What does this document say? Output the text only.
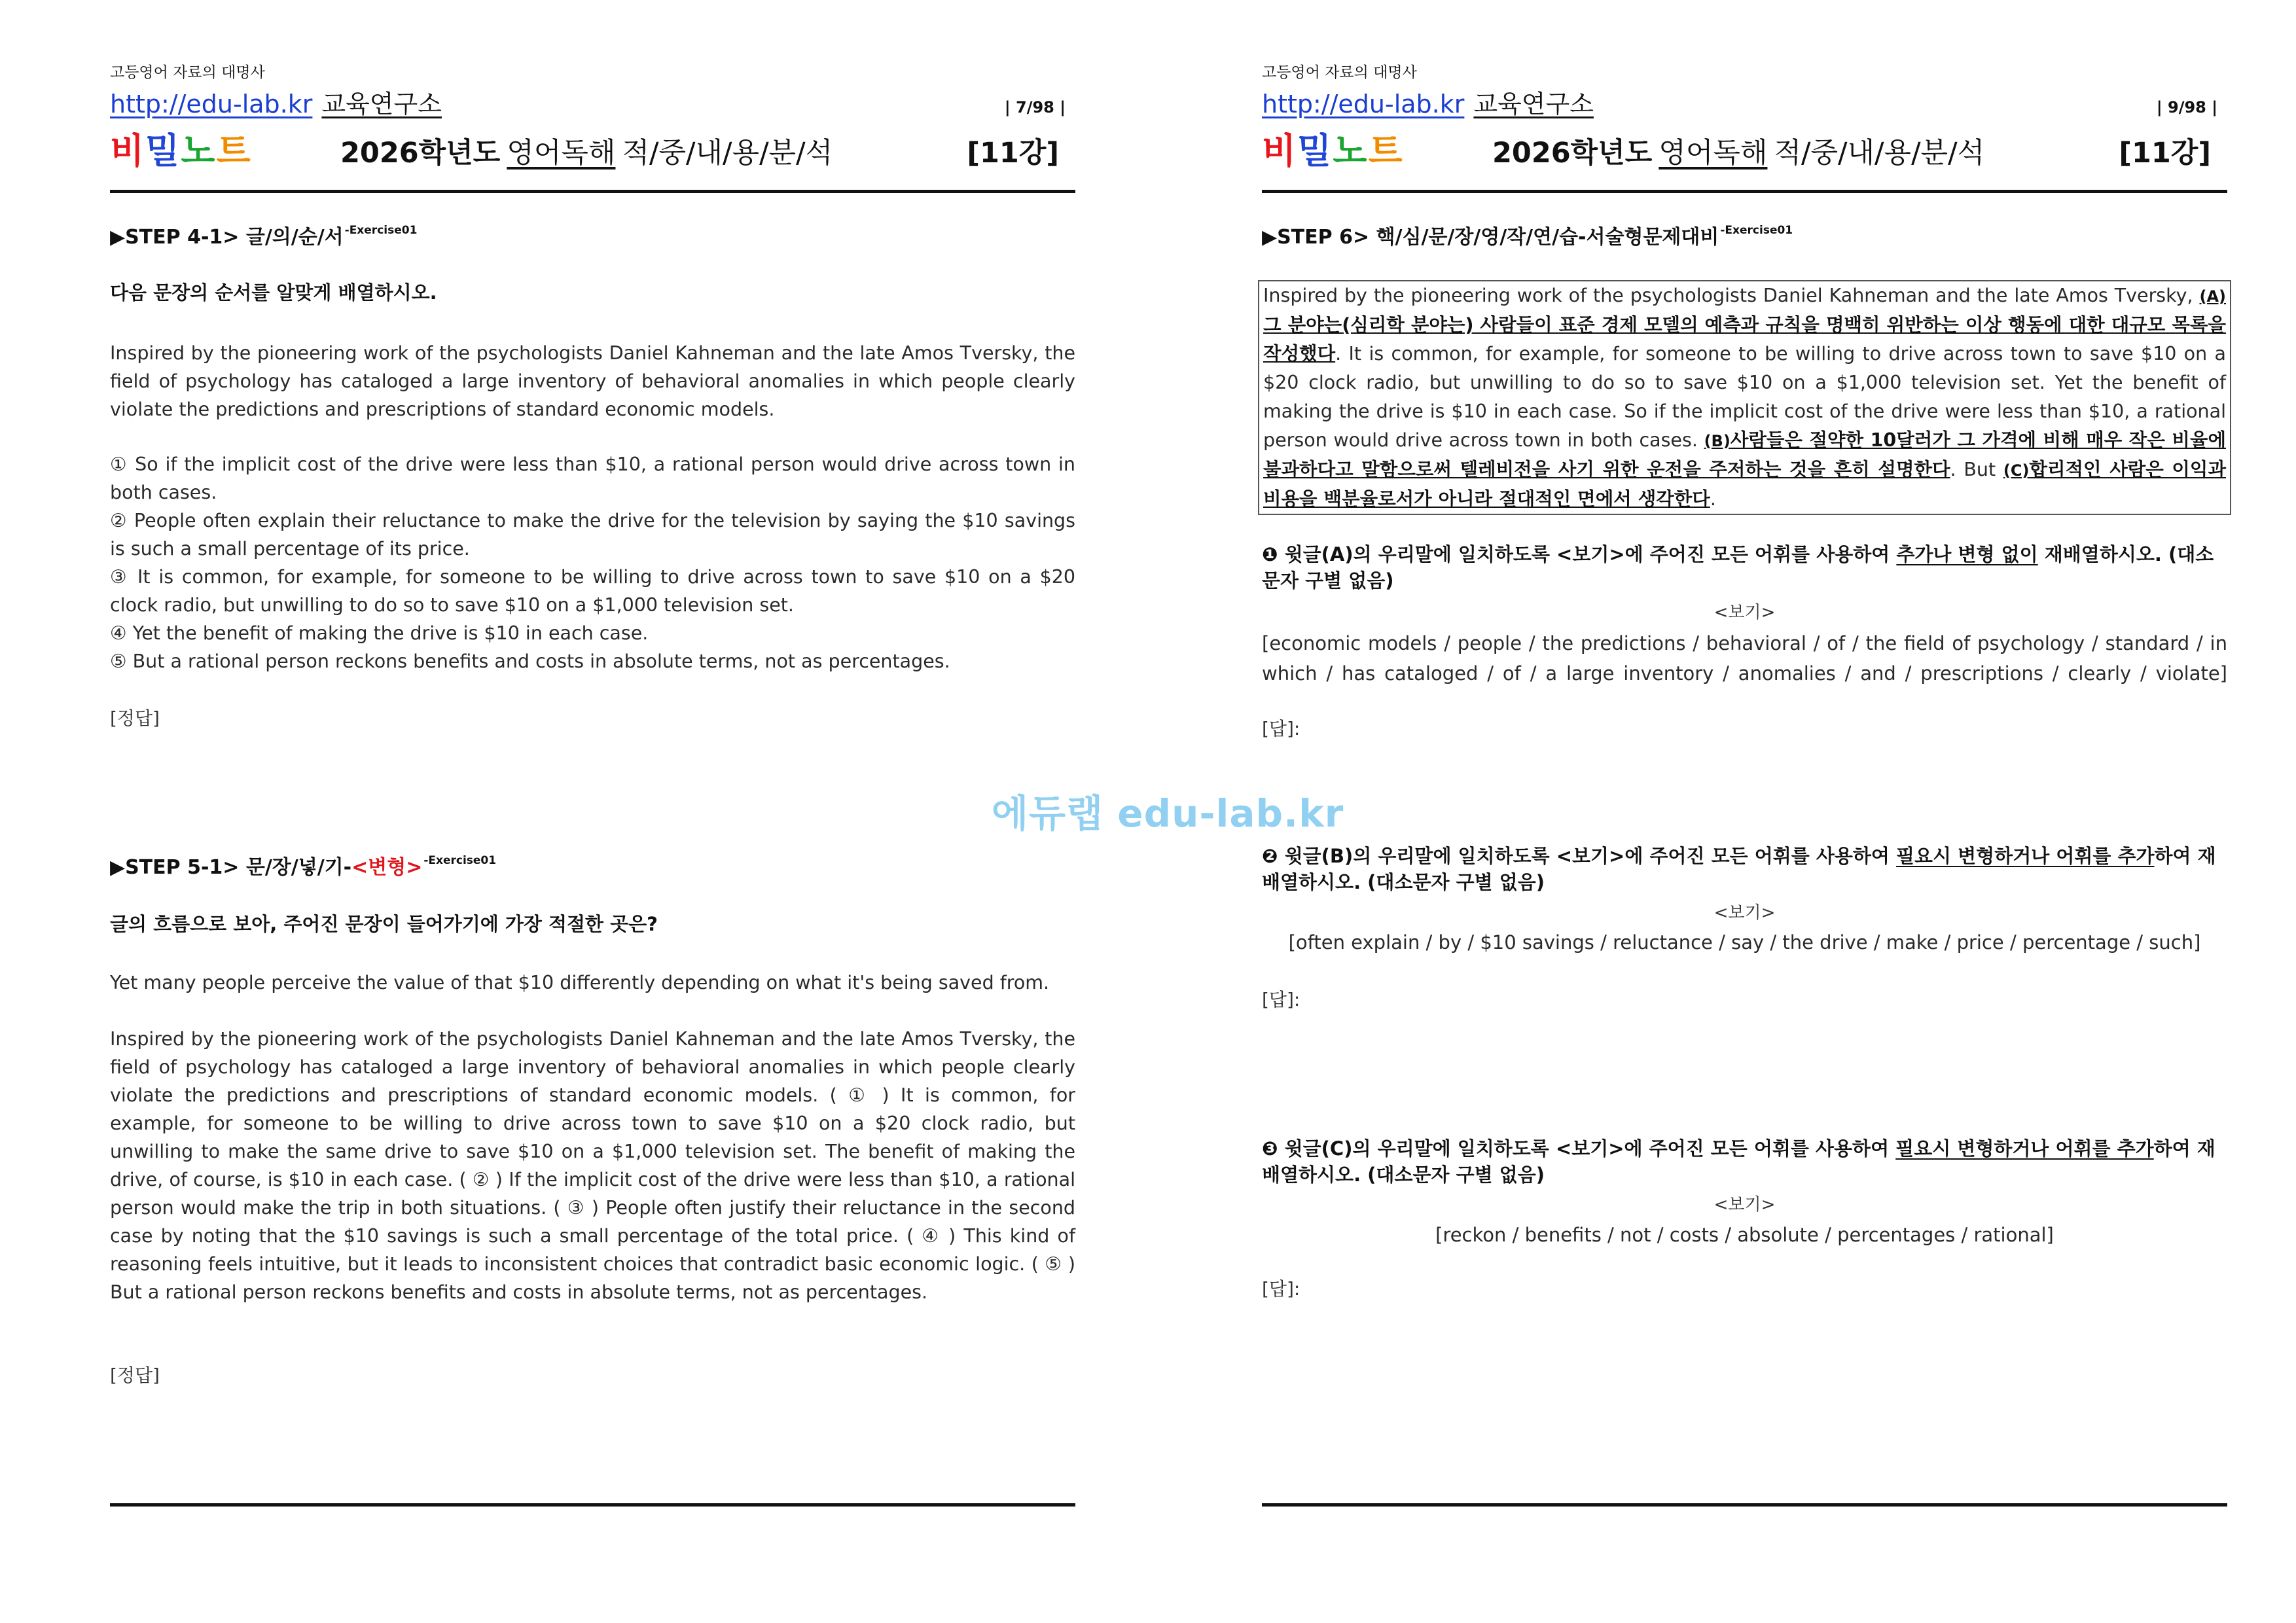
고등영어 자료의 대명사
http://edu-lab.kr 교육연구소	| 7/98 |
비밀노트	2026학년도 영어독해 적/중/내/용/분/석	[11강]
▶STEP 4-1> 글/의/순/서 $^{-Exercise01}$
다음 문장의 순서를 알맞게 배열하시오.

Inspired by the pioneering work of the psychologists Daniel Kahneman and the late Amos Tversky, the field of psychology has cataloged a large inventory of behavioral anomalies in which people clearly violate the predictions and prescriptions of standard economic models.

① So if the implicit cost of the drive were less than $10, a rational person would drive across town in both cases.

② People often explain their reluctance to make the drive for the television by saying the $10 savings is such a small percentage of its price.

③ It is common, for example, for someone to be willing to drive across town to save $10 on a $20 clock radio, but unwilling to do so to save $10 on a $1,000 television set.

④ Yet the benefit of making the drive is $10 in each case.

⑤ But a rational person reckons benefits and costs in absolute terms, not as percentages.

[정답]
▶STEP 5-1> 문/장/넣/기-<변형> $^{-Exercise01}$
글의 흐름으로 보아, 주어진 문장이 들어가기에 가장 적절한 곳은?

Yet many people perceive the value of that $10 differently depending on what it's being saved from.

Inspired by the pioneering work of the psychologists Daniel Kahneman and the late Amos Tversky, the field of psychology has cataloged a large inventory of behavioral anomalies in which people clearly violate the predictions and prescriptions of standard economic models. ( ① ) It is common, for example, for someone to be willing to drive across town to save $10 on a $20 clock radio, but unwilling to make the same drive to save $10 on a $1,000 television set. The benefit of making the drive, of course, is $10 in each case. ( ② ) If the implicit cost of the drive were less than $10, a rational person would make the trip in both situations. ( ③ ) People often justify their reluctance in the second case by noting that the $10 savings is such a small percentage of the total price. ( ④ ) This kind of reasoning feels intuitive, but it leads to inconsistent choices that contradict basic economic logic. ( ⑤ ) But a rational person reckons benefits and costs in absolute terms, not as percentages.

[정답]
고등영어 자료의 대명사
http://edu-lab.kr 교육연구소	| 9/98 |
비밀노트	2026학년도 영어독해 적/중/내/용/분/석	[11강]
▶STEP 6> 핵/심/문/장/영/작/연/습-서술형문제대비 $^{-Exercise01}$
Inspired by the pioneering work of the psychologists Daniel Kahneman and the late Amos Tversky, (A) 그 분야는(심리학 분야는) 사람들이 표준 경제 모델의 예측과 규칙을 명백히 위반하는 이상 행동에 대한 대규모 목록을 작성했다. It is common, for example, for someone to be willing to drive across town to save $10 on a $20 clock radio, but unwilling to do so to save $10 on a $1,000 television set. Yet the benefit of making the drive is $10 in each case. So if the implicit cost of the drive were less than $10, a rational person would drive across town in both cases. (B)사람들은 절약한 10달러가 그 가격에 비해 매우 작은 비율에 불과하다고 말함으로써 텔레비전을 사기 위한 운전을 주저하는 것을 흔히 설명한다. But (C)합리적인 사람은 이익과 비용을 백분율로서가 아니라 절대적인 면에서 생각한다.
❶ 윗글(A)의 우리말에 일치하도록 <보기>에 주어진 모든 어휘를 사용하여 추가나 변형 없이 재배열하시오. (대소문자 구별 없음)
<보기>
[economic models / people / the predictions / behavioral / of / the field of psychology / standard / in which / has cataloged / of / a large inventory / anomalies / and / prescriptions / clearly / violate]
[답]:
❷ 윗글(B)의 우리말에 일치하도록 <보기>에 주어진 모든 어휘를 사용하여 필요시 변형하거나 어휘를 추가하여 재배열하시오. (대소문자 구별 없음)
<보기>
[often explain / by / $10 savings / reluctance / say / the drive / make / price / percentage / such]
[답]:
❸ 윗글(C)의 우리말에 일치하도록 <보기>에 주어진 모든 어휘를 사용하여 필요시 변형하거나 어휘를 추가하여 재배열하시오. (대소문자 구별 없음)
<보기>
[reckon / benefits / not / costs / absolute / percentages / rational]
[답]:
에듀랩 edu-lab.kr
